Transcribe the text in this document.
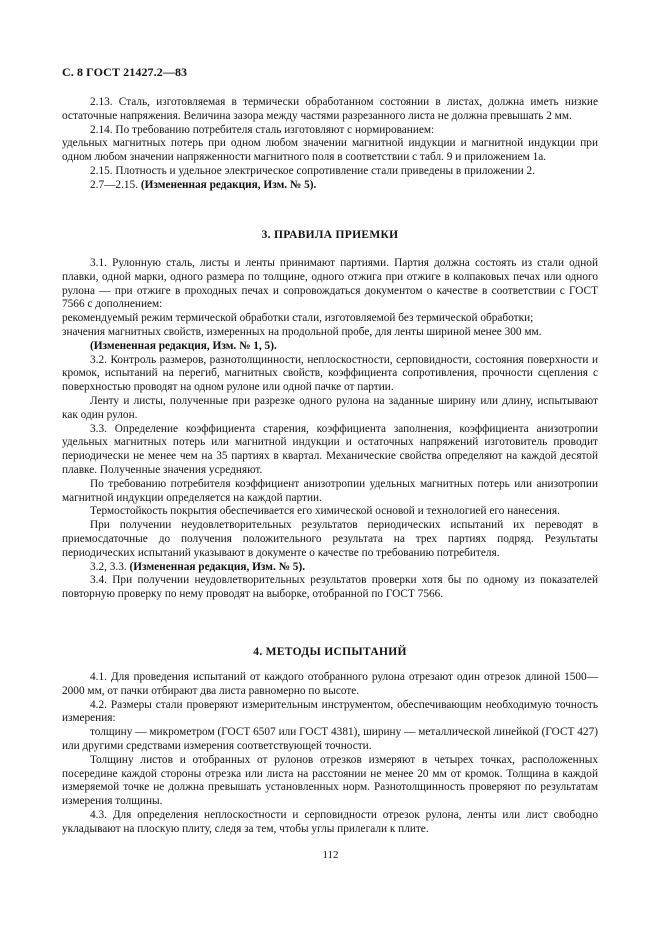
С. 8 ГОСТ 21427.2—83

2.13. Сталь, изготовляемая в термически обработанном состоянии в листах, должна иметь низкие остаточные напряжения. Величина зазора между частями разрезанного листа не должна превышать 2 мм.

2.14. По требованию потребителя сталь изготовляют с нормированием:

удельных магнитных потерь при одном любом значении магнитной индукции и магнитной индукции при одном любом значении напряженности магнитного поля в соответствии с табл. 9 и приложением 1а.

2.15. Плотность и удельное электрическое сопротивление стали приведены в приложении 2.

2.7—2.15. (Измененная редакция, Изм. № 5).

3. ПРАВИЛА ПРИЕМКИ

3.1. Рулонную сталь, листы и ленты принимают партиями. Партия должна состоять из стали одной плавки, одной марки, одного размера по толщине, одного отжига при отжиге в колпаковых печах или одного рулона — при отжиге в проходных печах и сопровождаться документом о качестве в соответствии с ГОСТ 7566 с дополнением:

рекомендуемый режим термической обработки стали, изготовляемой без термической обработки;

значения магнитных свойств, измеренных на продольной пробе, для ленты шириной менее 300 мм.

(Измененная редакция, Изм. № 1, 5).

3.2. Контроль размеров, разнотолщинности, неплоскостности, серповидности, состояния поверхности и кромок, испытаний на перегиб, магнитных свойств, коэффициента сопротивления, прочности сцепления с поверхностью проводят на одном рулоне или одной пачке от партии.

Ленту и листы, полученные при разрезке одного рулона на заданные ширину или длину, испытывают как один рулон.

3.3. Определение коэффициента старения, коэффициента заполнения, коэффициента анизотропии удельных магнитных потерь или магнитной индукции и остаточных напряжений изготовитель проводит периодически не менее чем на 35 партиях в квартал. Механические свойства определяют на каждой десятой плавке. Полученные значения усредняют.

По требованию потребителя коэффициент анизотропии удельных магнитных потерь или анизотропии магнитной индукции определяется на каждой партии.

Термостойкость покрытия обеспечивается его химической основой и технологией его нанесения.

При получении неудовлетворительных результатов периодических испытаний их переводят в приемосдаточные до получения положительного результата на трех партиях подряд. Результаты периодических испытаний указывают в документе о качестве по требованию потребителя.

3.2, 3.3. (Измененная редакция, Изм. № 5).

3.4. При получении неудовлетворительных результатов проверки хотя бы по одному из показателей повторную проверку по нему проводят на выборке, отобранной по ГОСТ 7566.

4. МЕТОДЫ ИСПЫТАНИЙ

4.1. Для проведения испытаний от каждого отобранного рулона отрезают один отрезок длиной 1500—2000 мм, от пачки отбирают два листа равномерно по высоте.

4.2. Размеры стали проверяют измерительным инструментом, обеспечивающим необходимую точность измерения:

толщину — микрометром (ГОСТ 6507 или ГОСТ 4381), ширину — металлической линейкой (ГОСТ 427) или другими средствами измерения соответствующей точности.

Толщину листов и отобранных от рулонов отрезков измеряют в четырех точках, расположенных посередине каждой стороны отрезка или листа на расстоянии не менее 20 мм от кромок. Толщина в каждой измеряемой точке не должна превышать установленных норм. Разнотолщинность проверяют по результатам измерения толщины.

4.3. Для определения неплоскостности и серповидности отрезок рулона, ленты или лист свободно укладывают на плоскую плиту, следя за тем, чтобы углы прилегали к плите.

112
